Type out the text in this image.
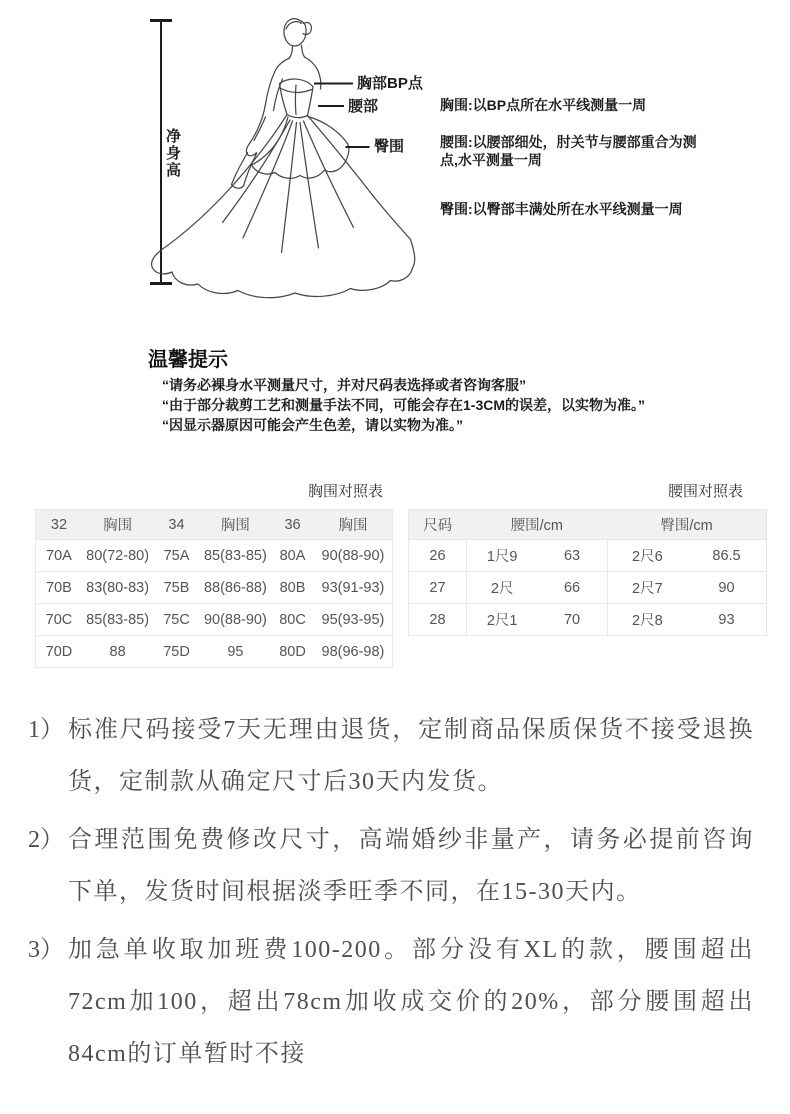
净身高
胸部BP点
腰部
臀围
胸围:以BP点所在水平线测量一周
腰围:以腰部细处，肘关节与腰部重合为测点,水平测量一周
臀围:以臀部丰满处所在水平线测量一周
温馨提示
“请务必裸身水平测量尺寸，并对尺码表选择或者咨询客服”
“由于部分裁剪工艺和测量手法不同，可能会存在1-3CM的误差，以实物为准。”
“因显示器原因可能会产生色差，请以实物为准。”
胸围对照表
32	胸围	34	胸围	36	胸围
70A	80(72-80)	75A	85(83-85)	80A	90(88-90)
70B	83(80-83)	75B	88(86-88)	80B	93(91-93)
70C	85(83-85)	75C	90(88-90)	80C	95(93-95)
70D	88	75D	95	80D	98(96-98)
腰围对照表
尺码	腰围/cm		臀围/cm	
26	1尺9	63	2尺6	86.5
27	2尺	66	2尺7	90
28	2尺1	70	2尺8	93
1） 标准尺码接受7天无理由退货，定制商品保质保货不接受退换货，定制款从确定尺寸后30天内发货。
2） 合理范围免费修改尺寸，高端婚纱非量产，请务必提前咨询下单，发货时间根据淡季旺季不同，在15-30天内。
3） 加急单收取加班费100-200。部分没有XL的款，腰围超出72cm加100，超出78cm加收成交价的20%，部分腰围超出84cm的订单暂时不接
